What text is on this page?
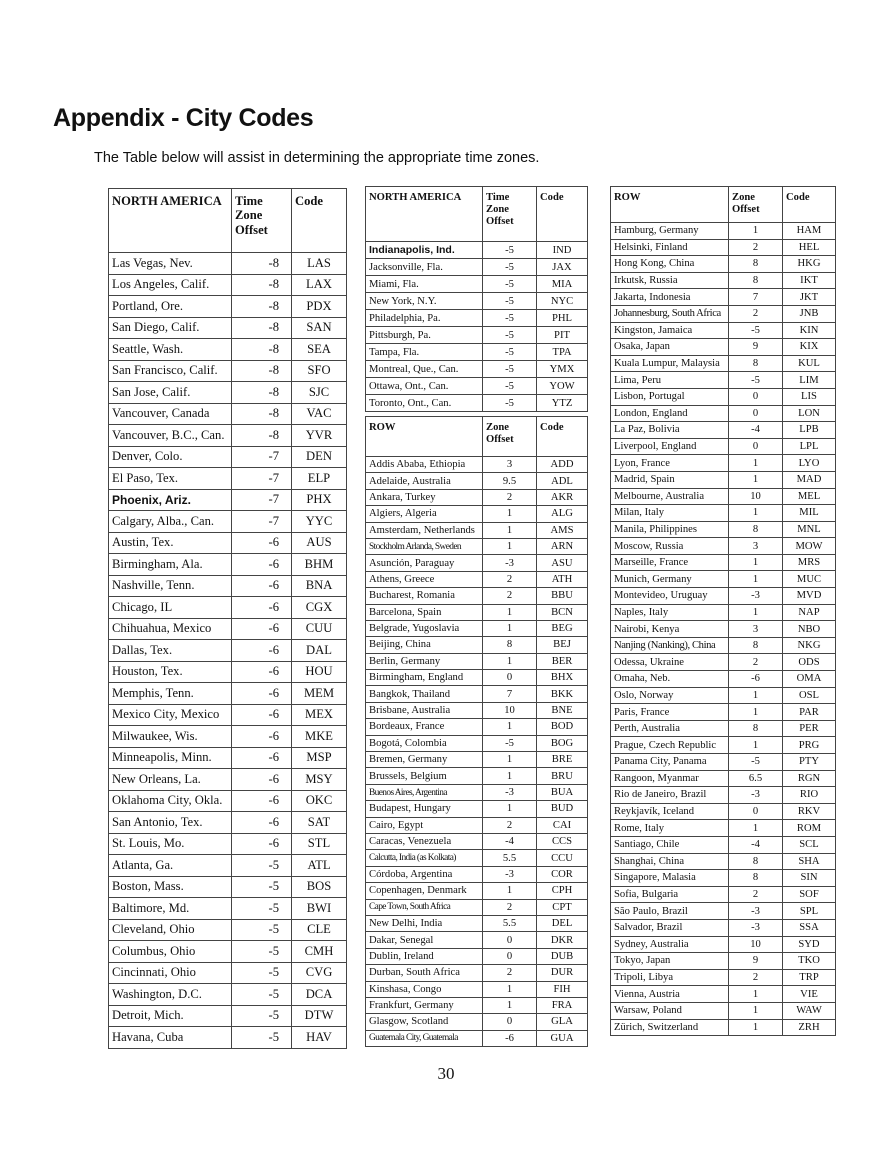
Appendix - City Codes

The Table below will assist in determining the appropriate time zones.

NORTH AMERICA	Time
Zone
Offset	Code
Las Vegas, Nev.	-8	LAS
Los Angeles, Calif.	-8	LAX
Portland, Ore.	-8	PDX
San Diego, Calif.	-8	SAN
Seattle, Wash.	-8	SEA
San Francisco, Calif.	-8	SFO
San Jose, Calif.	-8	SJC
Vancouver, Canada	-8	VAC
Vancouver, B.C., Can.	-8	YVR
Denver, Colo.	-7	DEN
El Paso, Tex.	-7	ELP
Phoenix, Ariz.	-7	PHX
Calgary, Alba., Can.	-7	YYC
Austin, Tex.	-6	AUS
Birmingham, Ala.	-6	BHM
Nashville, Tenn.	-6	BNA
Chicago, IL	-6	CGX
Chihuahua, Mexico	-6	CUU
Dallas, Tex.	-6	DAL
Houston, Tex.	-6	HOU
Memphis, Tenn.	-6	MEM
Mexico City, Mexico	-6	MEX
Milwaukee, Wis.	-6	MKE
Minneapolis, Minn.	-6	MSP
New Orleans, La.	-6	MSY
Oklahoma City, Okla.	-6	OKC
San Antonio, Tex.	-6	SAT
St. Louis, Mo.	-6	STL
Atlanta, Ga.	-5	ATL
Boston, Mass.	-5	BOS
Baltimore, Md.	-5	BWI
Cleveland, Ohio	-5	CLE
Columbus, Ohio	-5	CMH
Cincinnati, Ohio	-5	CVG
Washington, D.C.	-5	DCA
Detroit, Mich.	-5	DTW
Havana, Cuba	-5	HAV
NORTH AMERICA	Time
Zone
Offset	Code
Indianapolis, Ind.	-5	IND
Jacksonville, Fla.	-5	JAX
Miami, Fla.	-5	MIA
New York, N.Y.	-5	NYC
Philadelphia, Pa.	-5	PHL
Pittsburgh, Pa.	-5	PIT
Tampa, Fla.	-5	TPA
Montreal, Que., Can.	-5	YMX
Ottawa, Ont., Can.	-5	YOW
Toronto, Ont., Can.	-5	YTZ
ROW	Zone
Offset	Code
Addis Ababa, Ethiopia	3	ADD
Adelaide, Australia	9.5	ADL
Ankara, Turkey	2	AKR
Algiers, Algeria	1	ALG
Amsterdam, Netherlands	1	AMS
Stockholm Arlanda, Sweden	1	ARN
Asunción, Paraguay	-3	ASU
Athens, Greece	2	ATH
Bucharest, Romania	2	BBU
Barcelona, Spain	1	BCN
Belgrade, Yugoslavia	1	BEG
Beijing, China	8	BEJ
Berlin, Germany	1	BER
Birmingham, England	0	BHX
Bangkok, Thailand	7	BKK
Brisbane, Australia	10	BNE
Bordeaux, France	1	BOD
Bogotá, Colombia	-5	BOG
Bremen, Germany	1	BRE
Brussels, Belgium	1	BRU
Buenos Aires, Argentina	-3	BUA
Budapest, Hungary	1	BUD
Cairo, Egypt	2	CAI
Caracas, Venezuela	-4	CCS
Calcutta, India (as Kolkata)	5.5	CCU
Córdoba, Argentina	-3	COR
Copenhagen, Denmark	1	CPH
Cape Town, South Africa	2	CPT
New Delhi, India	5.5	DEL
Dakar, Senegal	0	DKR
Dublin, Ireland	0	DUB
Durban, South Africa	2	DUR
Kinshasa, Congo	1	FIH
Frankfurt, Germany	1	FRA
Glasgow, Scotland	0	GLA
Guatemala City, Guatemala	-6	GUA
ROW	Zone
Offset	Code
Hamburg, Germany	1	HAM
Helsinki, Finland	2	HEL
Hong Kong, China	8	HKG
Irkutsk, Russia	8	IKT
Jakarta, Indonesia	7	JKT
Johannesburg, South Africa	2	JNB
Kingston, Jamaica	-5	KIN
Osaka, Japan	9	KIX
Kuala Lumpur, Malaysia	8	KUL
Lima, Peru	-5	LIM
Lisbon, Portugal	0	LIS
London, England	0	LON
La Paz, Bolivia	-4	LPB
Liverpool, England	0	LPL
Lyon, France	1	LYO
Madrid, Spain	1	MAD
Melbourne, Australia	10	MEL
Milan, Italy	1	MIL
Manila, Philippines	8	MNL
Moscow, Russia	3	MOW
Marseille, France	1	MRS
Munich, Germany	1	MUC
Montevideo, Uruguay	-3	MVD
Naples, Italy	1	NAP
Nairobi, Kenya	3	NBO
Nanjing (Nanking), China	8	NKG
Odessa, Ukraine	2	ODS
Omaha, Neb.	-6	OMA
Oslo, Norway	1	OSL
Paris, France	1	PAR
Perth, Australia	8	PER
Prague, Czech Republic	1	PRG
Panama City, Panama	-5	PTY
Rangoon, Myanmar	6.5	RGN
Rio de Janeiro, Brazil	-3	RIO
Reykjavík, Iceland	0	RKV
Rome, Italy	1	ROM
Santiago, Chile	-4	SCL
Shanghai, China	8	SHA
Singapore, Malasia	8	SIN
Sofia, Bulgaria	2	SOF
São Paulo, Brazil	-3	SPL
Salvador, Brazil	-3	SSA
Sydney, Australia	10	SYD
Tokyo, Japan	9	TKO
Tripoli, Libya	2	TRP
Vienna, Austria	1	VIE
Warsaw, Poland	1	WAW
Zürich, Switzerland	1	ZRH
30
